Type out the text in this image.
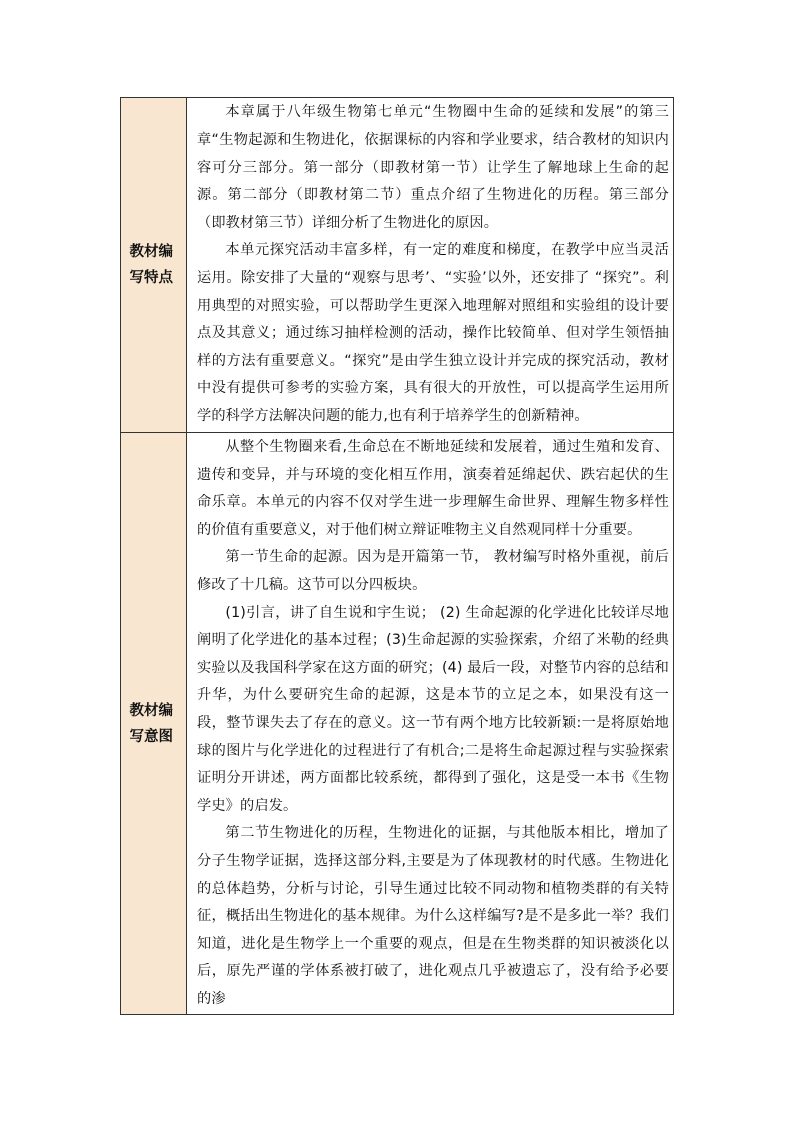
教材编写特点	本章属于八年级生物第七单元“生物圈中生命的延续和发展”的第三章“生物起源和生物进化，依据课标的内容和学业要求，结合教材的知识内容可分三部分。第一部分（即教材第一节）让学生了解地球上生命的起源。第二部分（即教材第二节）重点介绍了生物进化的历程。第三部分（即教材第三节）详细分析了生物进化的原因。

本单元探究活动丰富多样，有一定的难度和梯度，在教学中应当灵活运用。除安排了大量的“观察与思考’、“实验’以外，还安排了 “探究”。利用典型的对照实验，可以帮助学生更深入地理解对照组和实验组的设计要点及其意义；通过练习抽样检测的活动，操作比较简单、但对学生领悟抽样的方法有重要意义。“探究”是由学生独立设计并完成的探究活动，教材中没有提供可参考的实验方案，具有很大的开放性，可以提高学生运用所学的科学方法解决问题的能力,也有利于培养学生的创新精神。

教材编写意图	从整个生物圈来看,生命总在不断地延续和发展着，通过生殖和发育、遗传和变异，并与环境的变化相互作用，演奏着延绵起伏、跌宕起伏的生命乐章。本单元的内容不仅对学生进一步理解生命世界、理解生物多样性的价值有重要意义，对于他们树立辩证唯物主义自然观同样十分重要。

第一节生命的起源。因为是开篇第一节， 教材编写时格外重视，前后修改了十几稿。这节可以分四板块。

(1)引言，讲了自生说和宇生说； (2) 生命起源的化学进化比较详尽地阐明了化学进化的基本过程；(3)生命起源的实验探索，介绍了米勒的经典实验以及我国科学家在这方面的研究；(4) 最后一段，对整节内容的总结和升华，为什么要研究生命的起源，这是本节的立足之本，如果没有这一段，整节课失去了存在的意义。这一节有两个地方比较新颖:一是将原始地球的图片与化学进化的过程进行了有机合;二是将生命起源过程与实验探索证明分开讲述，两方面都比较系统，都得到了强化，这是受一本书《生物学史》的启发。

第二节生物进化的历程，生物进化的证据，与其他版本相比，增加了分子生物学证据，选择这部分料,主要是为了体现教材的时代感。生物进化的总体趋势，分析与讨论，引导生通过比较不同动物和植物类群的有关特征，概括出生物进化的基本规律。为什么这样编写?是不是多此一举？我们知道，进化是生物学上一个重要的观点，但是在生物类群的知识被淡化以后，原先严谨的学体系被打破了，进化观点几乎被遗忘了，没有给予必要的渗
